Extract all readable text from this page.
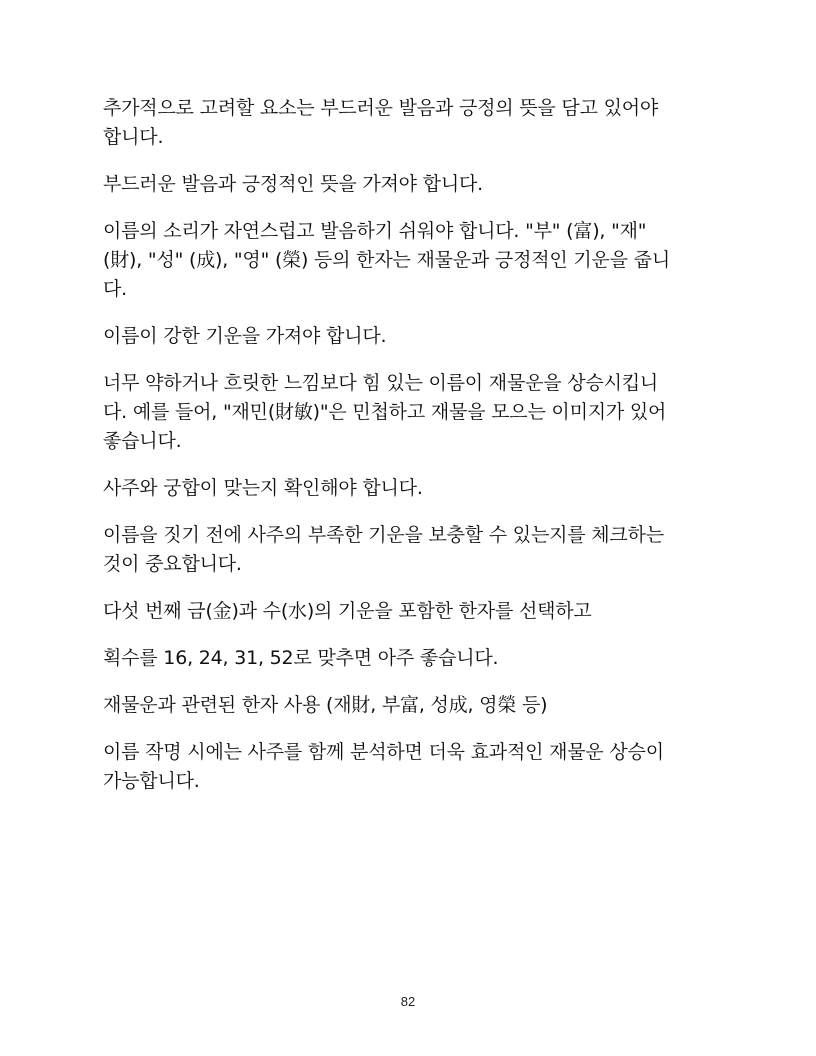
추가적으로 고려할 요소는 부드러운 발음과 긍정의 뜻을 담고 있어야
합니다.

부드러운 발음과 긍정적인 뜻을 가져야 합니다.

이름의 소리가 자연스럽고 발음하기 쉬워야 합니다. "부" (富), "재"
(財), "성" (成), "영" (榮) 등의 한자는 재물운과 긍정적인 기운을 줍니
다.

이름이 강한 기운을 가져야 합니다.

너무 약하거나 흐릿한 느낌보다 힘 있는 이름이 재물운을 상승시킵니
다. 예를 들어, "재민(財敏)"은 민첩하고 재물을 모으는 이미지가 있어
좋습니다.

사주와 궁합이 맞는지 확인해야 합니다.

이름을 짓기 전에 사주의 부족한 기운을 보충할 수 있는지를 체크하는
것이 중요합니다.

다섯 번째 금(金)과 수(水)의 기운을 포함한 한자를 선택하고

획수를 16, 24, 31, 52로 맞추면 아주 좋습니다.

재물운과 관련된 한자 사용 (재財, 부富, 성成, 영榮 등)

이름 작명 시에는 사주를 함께 분석하면 더욱 효과적인 재물운 상승이
가능합니다.

82
